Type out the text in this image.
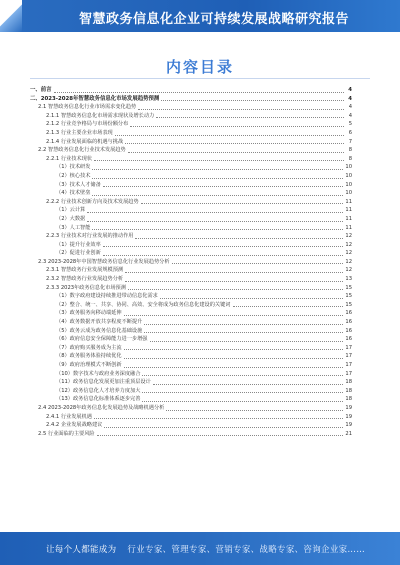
智慧政务信息化企业可持续发展战略研究报告
内容目录
一、前言	4
二、2023-2028年智慧政务信息化市场发展趋势预测	4
2.1 智慧政务信息化行业市场需求变化趋势	4
2.1.1 智慧政务信息化市场需求现状及增长动力	4
2.1.2 行业竞争格局与市场份额分布	5
2.1.3 行业主要企业市场表现	6
2.1.4 行业发展面临的机遇与挑战	7
2.2 智慧政务信息化行业技术发展趋势	8
2.2.1 行业技术现状	8
（1）技术研发	10
（2）核心技术	10
（3）技术人才储备	10
（4）技术壁垒	10
2.2.2 行业技术创新方向及技术发展趋势	11
（1）云计算	11
（2）大数据	11
（3）人工智能	11
2.2.3 行业技术对行业发展的推动作用	12
（1）提升行业效率	12
（2）促进行业创新	12
2.3 2023-2028年中国智慧政务信息化行业发展趋势分析	12
2.3.1 智慧政务行业发展规模预测	12
2.3.2 智慧政务行业发展趋势分析	13
2.3.3 2023年政务信息化市场预测	15
（1）数字政府建设持续推进带动信息化需求	15
（2）整合、统一、共享、协同、高效、安全将成为政务信息化建设的关键词	15
（3）政务服务向移动端延伸	16
（4）政务数据开放共享程度不断提升	16
（5）政务云成为政务信息化基础设施	16
（6）政府信息安全保障能力进一步增强	16
（7）政府购买服务成为主流	17
（8）政务服务体验持续优化	17
（9）政府治理模式不断创新	17
（10）数字技术与政府业务深度融合	17
（11）政务信息化发展更加注重顶层设计	18
（12）政务信息化人才培养力度加大	18
（13）政务信息化标准体系逐步完善	18
2.4 2023-2028年政务信息化发展趋势及战略机遇分析	19
2.4.1 行业发展机遇	19
2.4.2 企业发展战略建议	19
2.5 行业面临的主要风险	21
让每个人都能成为 行业专家、管理专家、营销专家、战略专家、咨询企业家……
